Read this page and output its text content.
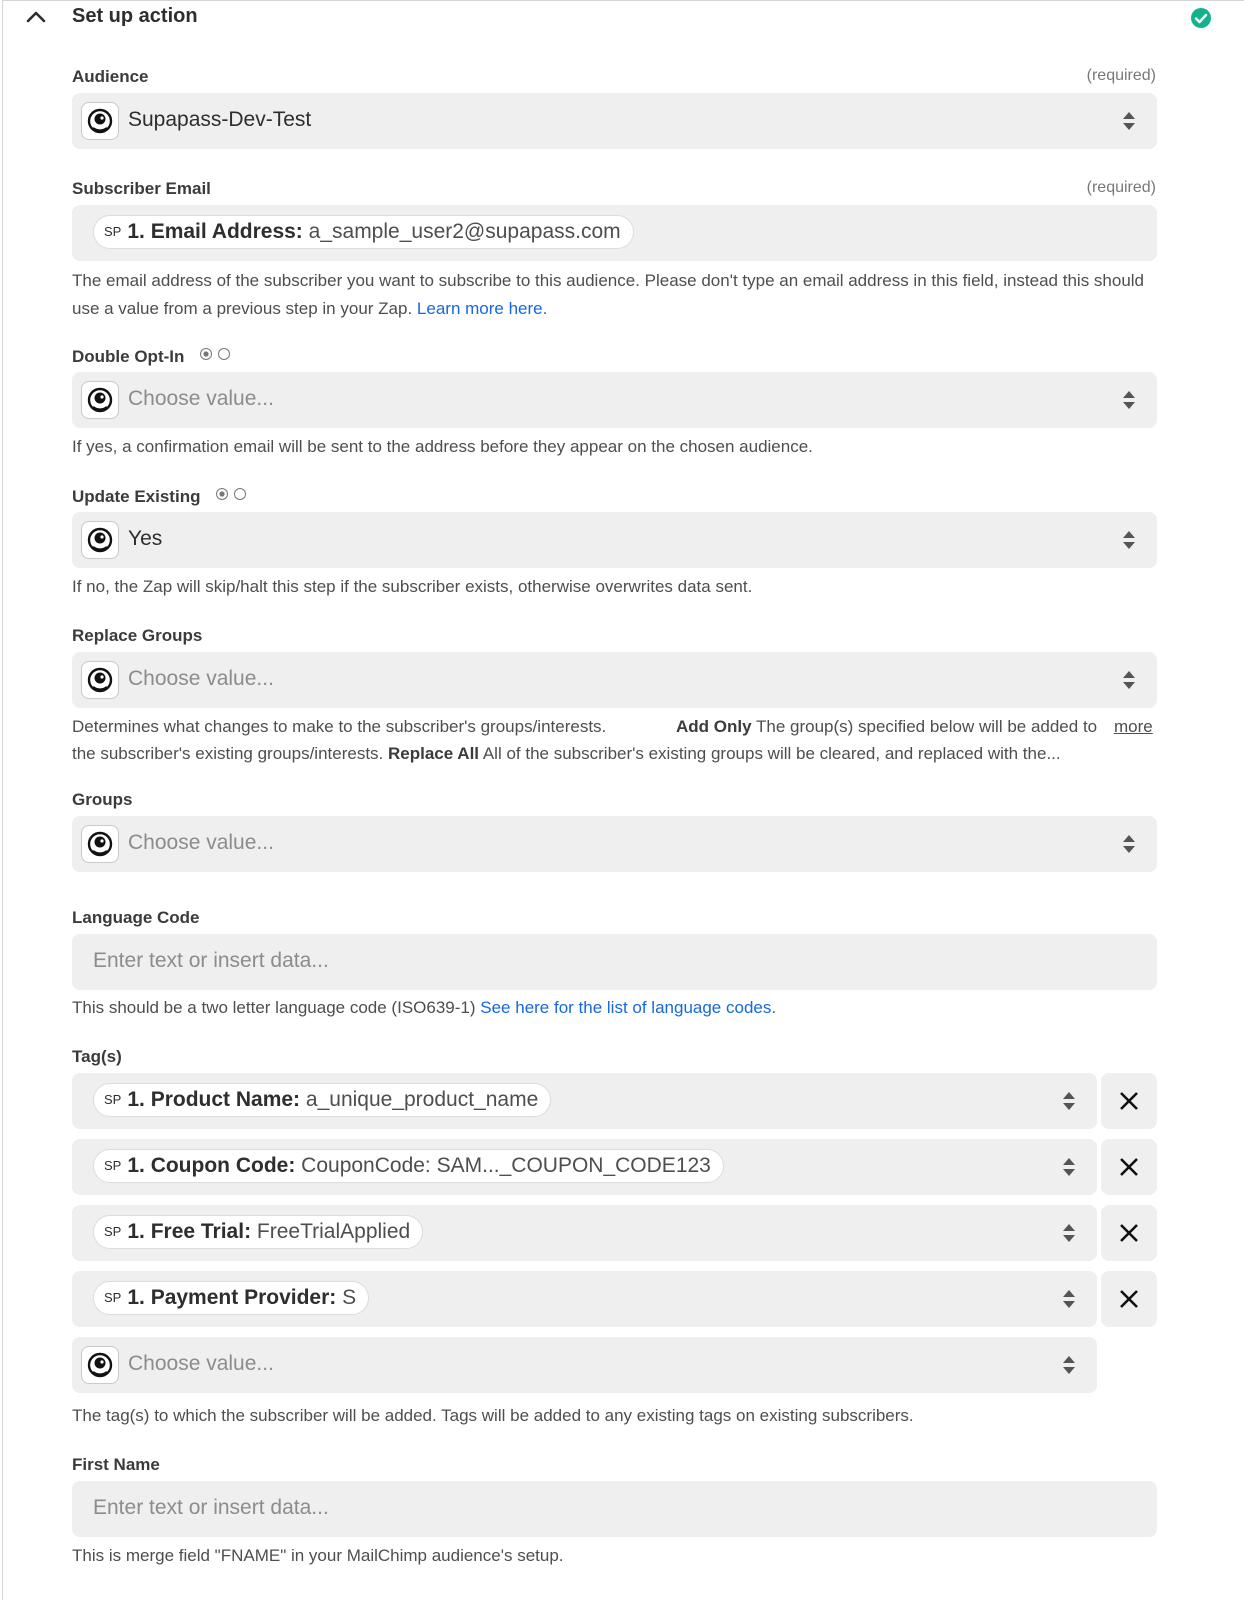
Set up action
Audience	(required)
Supapass-Dev-Test
Subscriber Email	(required)
SP 1. Email Address: a_sample_user2@supapass.com
The email address of the subscriber you want to subscribe to this audience. Please don't type an email address in this field, instead this should use a value from a previous step in your Zap. Learn more here.
Double Opt-In
Choose value...
If yes, a confirmation email will be sent to the address before they appear on the chosen audience.
Update Existing
Yes
If no, the Zap will skip/halt this step if the subscriber exists, otherwise overwrites data sent.
Replace Groups
Choose value...
Determines what changes to make to the subscriber's groups/interests.	Add Only The group(s) specified below will be added to more
the subscriber's existing groups/interests. Replace All All of the subscriber's existing groups will be cleared, and replaced with the...
Groups
Choose value...
Language Code
Enter text or insert data...
This should be a two letter language code (ISO639-1) See here for the list of language codes.
Tag(s)
SP 1. Product Name: a_unique_product_name
SP 1. Coupon Code: CouponCode: SAM..._COUPON_CODE123
SP 1. Free Trial: FreeTrialApplied
SP 1. Payment Provider: S
Choose value...
The tag(s) to which the subscriber will be added. Tags will be added to any existing tags on existing subscribers.
First Name
Enter text or insert data...
This is merge field "FNAME" in your MailChimp audience's setup.
